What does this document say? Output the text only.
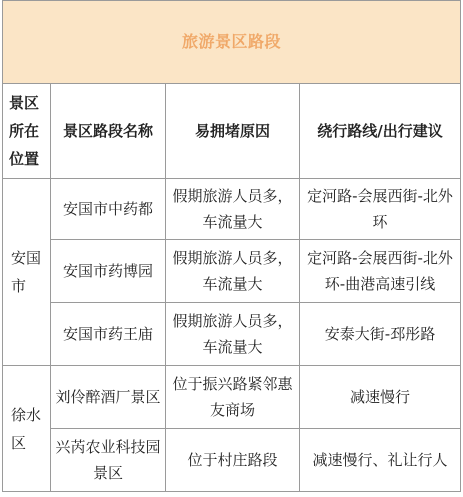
旅游景区路段			
景区所在位置	景区路段名称	易拥堵原因	绕行路线/出行建议
安国市	安国市中药都	假期旅游人员多，车流量大	定河路-会展西街-北外环
	安国市药博园	假期旅游人员多，车流量大	定河路-会展西街-北外环-曲港高速引线
	安国市药王庙	假期旅游人员多，车流量大	安泰大街-邳彤路
徐水区	刘伶醉酒厂景区	位于振兴路紧邻惠友商场	减速慢行
	兴芮农业科技园景区	位于村庄路段	减速慢行、礼让行人
